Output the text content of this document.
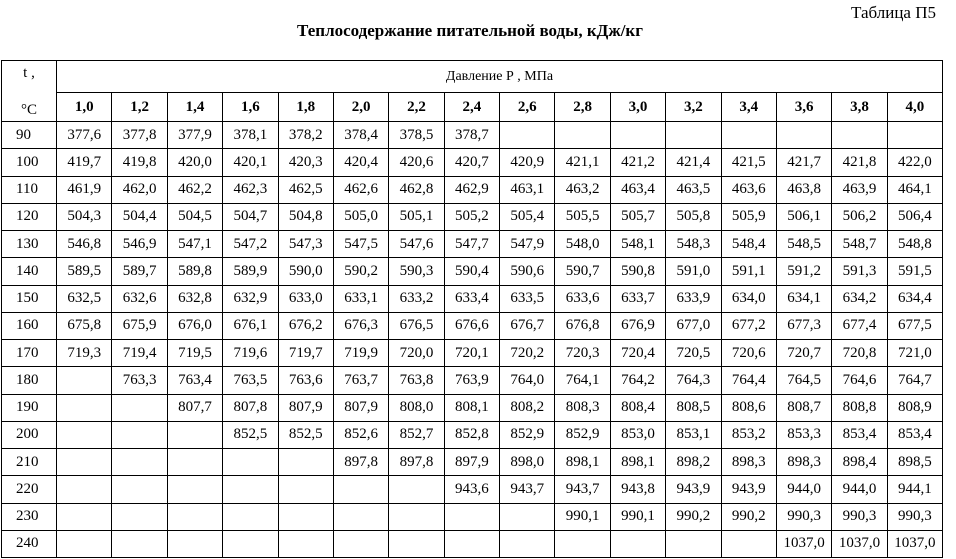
Таблица П5
Теплосодержание питательной воды, кДж/кг
t ,
°C	Давление Р , МПа															
	1,0	1,2	1,4	1,6	1,8	2,0	2,2	2,4	2,6	2,8	3,0	3,2	3,4	3,6	3,8	4,0
90	377,6	377,8	377,9	378,1	378,2	378,4	378,5	378,7								
100	419,7	419,8	420,0	420,1	420,3	420,4	420,6	420,7	420,9	421,1	421,2	421,4	421,5	421,7	421,8	422,0
110	461,9	462,0	462,2	462,3	462,5	462,6	462,8	462,9	463,1	463,2	463,4	463,5	463,6	463,8	463,9	464,1
120	504,3	504,4	504,5	504,7	504,8	505,0	505,1	505,2	505,4	505,5	505,7	505,8	505,9	506,1	506,2	506,4
130	546,8	546,9	547,1	547,2	547,3	547,5	547,6	547,7	547,9	548,0	548,1	548,3	548,4	548,5	548,7	548,8
140	589,5	589,7	589,8	589,9	590,0	590,2	590,3	590,4	590,6	590,7	590,8	591,0	591,1	591,2	591,3	591,5
150	632,5	632,6	632,8	632,9	633,0	633,1	633,2	633,4	633,5	633,6	633,7	633,9	634,0	634,1	634,2	634,4
160	675,8	675,9	676,0	676,1	676,2	676,3	676,5	676,6	676,7	676,8	676,9	677,0	677,2	677,3	677,4	677,5
170	719,3	719,4	719,5	719,6	719,7	719,9	720,0	720,1	720,2	720,3	720,4	720,5	720,6	720,7	720,8	721,0
180		763,3	763,4	763,5	763,6	763,7	763,8	763,9	764,0	764,1	764,2	764,3	764,4	764,5	764,6	764,7
190			807,7	807,8	807,9	807,9	808,0	808,1	808,2	808,3	808,4	808,5	808,6	808,7	808,8	808,9
200				852,5	852,5	852,6	852,7	852,8	852,9	852,9	853,0	853,1	853,2	853,3	853,4	853,4
210						897,8	897,8	897,9	898,0	898,1	898,1	898,2	898,3	898,3	898,4	898,5
220								943,6	943,7	943,7	943,8	943,9	943,9	944,0	944,0	944,1
230										990,1	990,1	990,2	990,2	990,3	990,3	990,3
240														1037,0	1037,0	1037,0
